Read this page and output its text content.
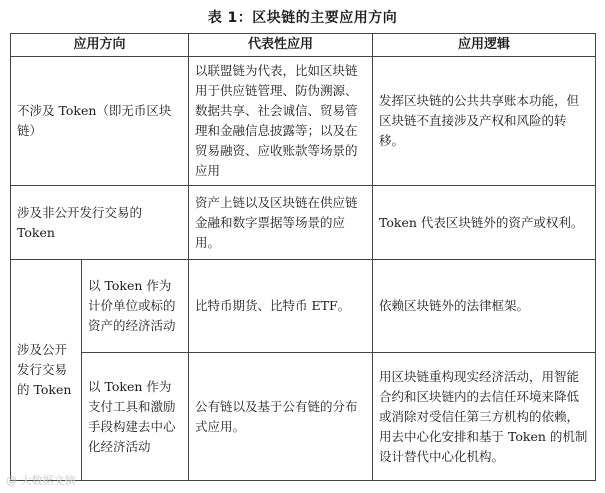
表 1：区块链的主要应用方向
应用方向		代表性应用	应用逻辑
不涉及 Token（即无币区块链）		以联盟链为代表，比如区块链用于供应链管理、防伪溯源、数据共享、社会诚信、贸易管理和金融信息披露等；以及在贸易融资、应收账款等场景的应用	发挥区块链的公共共享账本功能，但区块链不直接涉及产权和风险的转移。
涉及非公开发行交易的 Token		资产上链以及区块链在供应链金融和数字票据等场景的应用。	Token 代表区块链外的资产或权利。
涉及公开发行交易的 Token	以 Token 作为计价单位或标的资产的经济活动	比特币期货、比特币 ETF。	依赖区块链外的法律框架。
	以 Token 作为支付工具和激励手段构建去中心化经济活动	公有链以及基于公有链的分布式应用。	用区块链重构现实经济活动，用智能合约和区块链内的去信任环境来降低或消除对受信任第三方机构的依赖，用去中心化安排和基于 Token 的机制设计替代中心化机构。
@ 大数据文摘
